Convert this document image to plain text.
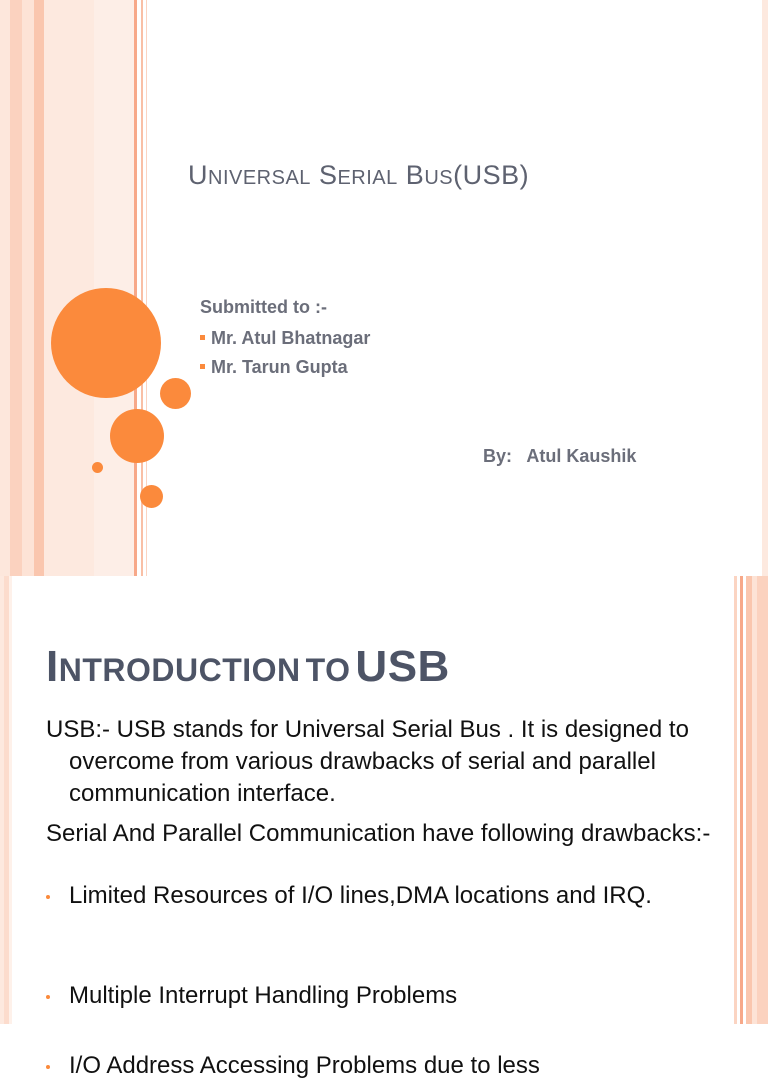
UNIVERSAL SERIAL BUS(USB)
Submitted to :-
Mr. Atul Bhatnagar
Mr. Tarun Gupta
By:   Atul Kaushik
INTRODUCTION TO USB

USB:- USB stands for Universal Serial Bus . It is designed to overcome from various drawbacks of serial and parallel communication interface.

Serial And Parallel Communication have following drawbacks:-

Limited Resources of I/O lines,DMA locations and IRQ.
Multiple Interrupt Handling Problems
I/O Address Accessing Problems due to less
